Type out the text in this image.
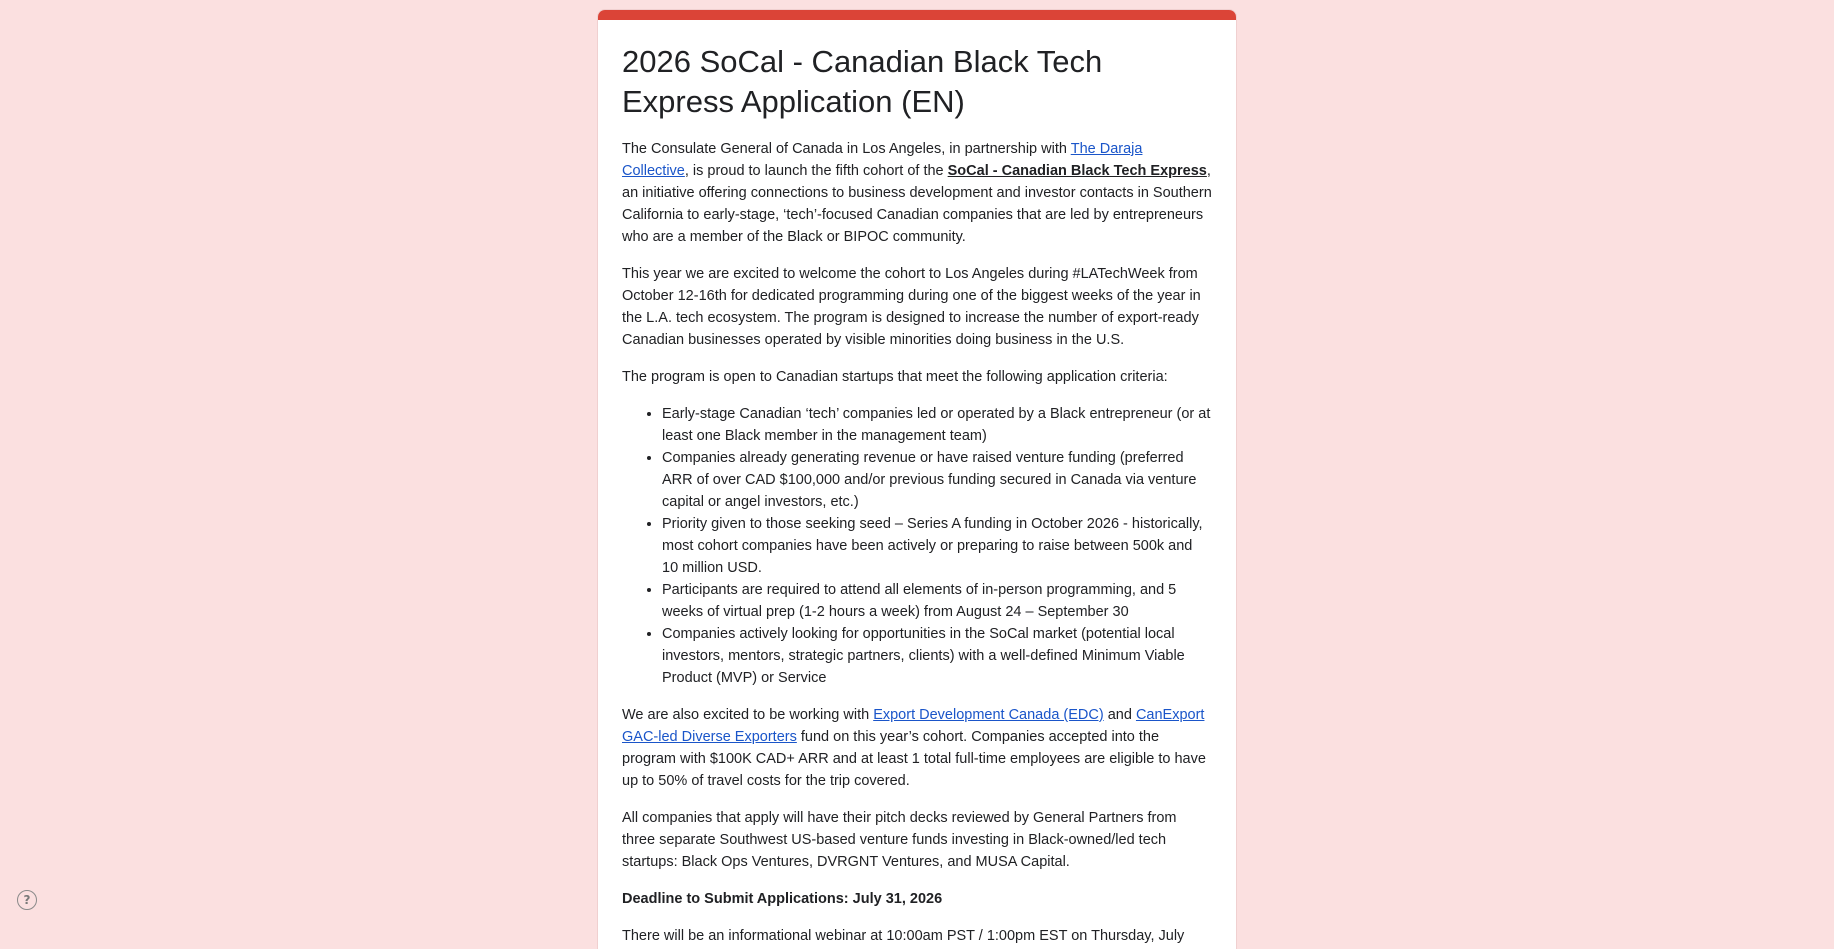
2026 SoCal - Canadian Black Tech Express Application (EN)

The Consulate General of Canada in Los Angeles, in partnership with The Daraja Collective, is proud to launch the fifth cohort of the SoCal - Canadian Black Tech Express, an initiative offering connections to business development and investor contacts in Southern California to early-stage, ‘tech’-focused Canadian companies that are led by entrepreneurs who are a member of the Black or BIPOC community.

This year we are excited to welcome the cohort to Los Angeles during #LATechWeek from October 12-16th for dedicated programming during one of the biggest weeks of the year in the L.A. tech ecosystem. The program is designed to increase the number of export-ready Canadian businesses operated by visible minorities doing business in the U.S.

The program is open to Canadian startups that meet the following application criteria:

• Early-stage Canadian ‘tech’ companies led or operated by a Black entrepreneur (or at least one Black member in the management team)
• Companies already generating revenue or have raised venture funding (preferred ARR of over CAD $100,000 and/or previous funding secured in Canada via venture capital or angel investors, etc.)
• Priority given to those seeking seed – Series A funding in October 2026 - historically, most cohort companies have been actively or preparing to raise between 500k and 10 million USD.
• Participants are required to attend all elements of in-person programming, and 5 weeks of virtual prep (1-2 hours a week) from August 24 – September 30
• Companies actively looking for opportunities in the SoCal market (potential local investors, mentors, strategic partners, clients) with a well-defined Minimum Viable Product (MVP) or Service

We are also excited to be working with Export Development Canada (EDC) and CanExport GAC-led Diverse Exporters fund on this year’s cohort. Companies accepted into the program with $100K CAD+ ARR and at least 1 total full-time employees are eligible to have up to 50% of travel costs for the trip covered.

All companies that apply will have their pitch decks reviewed by General Partners from three separate Southwest US-based venture funds investing in Black-owned/led tech startups: Black Ops Ventures, DVRGNT Ventures, and MUSA Capital.

Deadline to Submit Applications: July 31, 2026

There will be an informational webinar at 10:00am PST / 1:00pm EST on Thursday, July

?
